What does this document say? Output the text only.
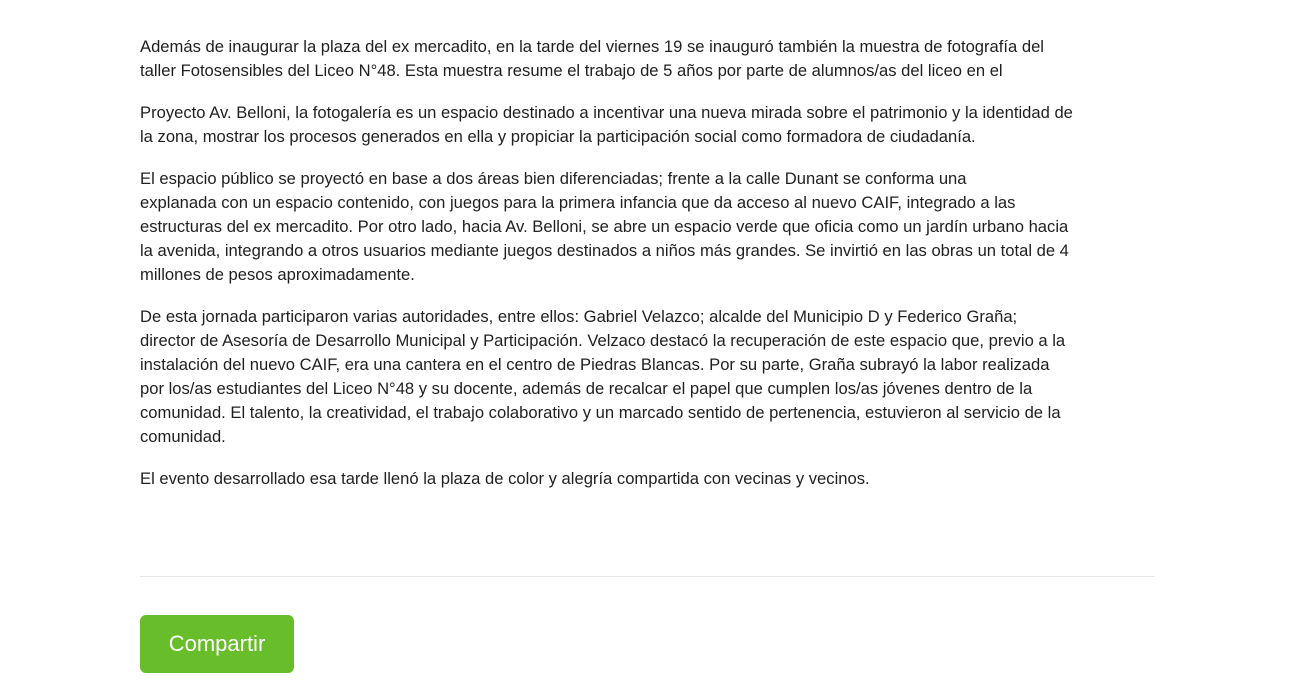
Además de inaugurar la plaza del ex mercadito, en la tarde del viernes 19 se inauguró también la muestra de fotografía del
taller Fotosensibles del Liceo N°48. Esta muestra resume el trabajo de 5 años por parte de alumnos/as del liceo en el

Proyecto Av. Belloni, la fotogalería es un espacio destinado a incentivar una nueva mirada sobre el patrimonio y la identidad de
la zona, mostrar los procesos generados en ella y propiciar la participación social como formadora de ciudadanía.

El espacio público se proyectó en base a dos áreas bien diferenciadas; frente a la calle Dunant se conforma una
explanada con un espacio contenido, con juegos para la primera infancia que da acceso al nuevo CAIF, integrado a las
estructuras del ex mercadito. Por otro lado, hacia Av. Belloni, se abre un espacio verde que oficia como un jardín urbano hacia
la avenida, integrando a otros usuarios mediante juegos destinados a niños más grandes. Se invirtió en las obras un total de 4
millones de pesos aproximadamente.

De esta jornada participaron varias autoridades, entre ellos: Gabriel Velazco; alcalde del Municipio D y Federico Graña;
director de Asesoría de Desarrollo Municipal y Participación. Velzaco destacó la recuperación de este espacio que, previo a la
instalación del nuevo CAIF, era una cantera en el centro de Piedras Blancas. Por su parte, Graña subrayó la labor realizada
por los/as estudiantes del Liceo N°48 y su docente, además de recalcar el papel que cumplen los/as jóvenes dentro de la
comunidad. El talento, la creatividad, el trabajo colaborativo y un marcado sentido de pertenencia, estuvieron al servicio de la
comunidad.

El evento desarrollado esa tarde llenó la plaza de color y alegría compartida con vecinas y vecinos.

Compartir
